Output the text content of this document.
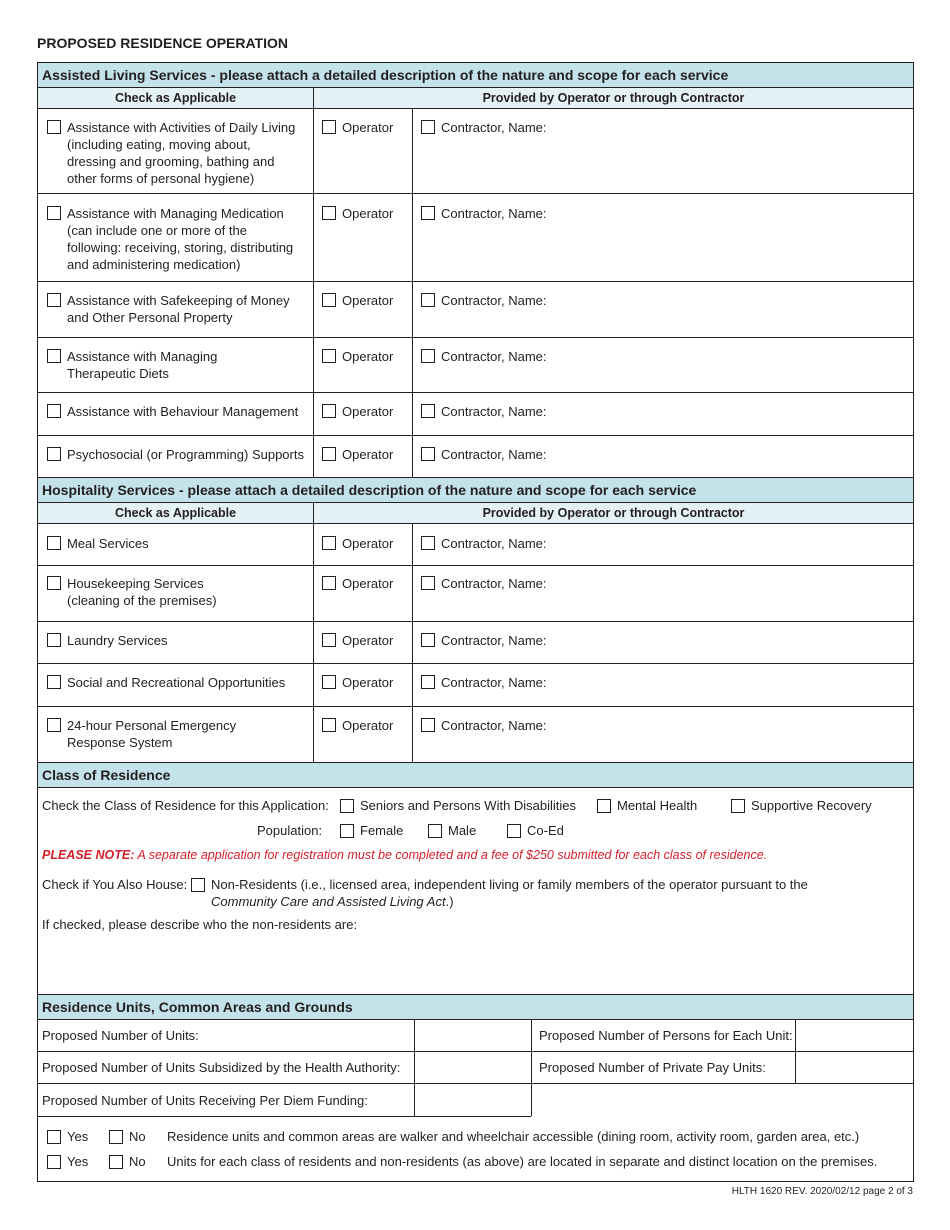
PROPOSED RESIDENCE OPERATION
Assisted Living Services - please attach a detailed description of the nature and scope for each service
Check as Applicable	Provided by Operator or through Contractor
Assistance with Activities of Daily Living
(including eating, moving about,
dressing and grooming, bathing and
other forms of personal hygiene)
Operator	Contractor, Name:
Assistance with Managing Medication
(can include one or more of the
following: receiving, storing, distributing
and administering medication)
Operator	Contractor, Name:
Assistance with Safekeeping of Money
and Other Personal Property
Operator	Contractor, Name:
Assistance with Managing
Therapeutic Diets
Operator	Contractor, Name:
Assistance with Behaviour Management	Operator	Contractor, Name:
Psychosocial (or Programming) Supports	Operator	Contractor, Name:
Hospitality Services - please attach a detailed description of the nature and scope for each service
Check as Applicable	Provided by Operator or through Contractor
Meal Services	Operator	Contractor, Name:
Housekeeping Services
(cleaning of the premises)
Operator	Contractor, Name:
Laundry Services	Operator	Contractor, Name:
Social and Recreational Opportunities	Operator	Contractor, Name:
24-hour Personal Emergency
Response System
Operator	Contractor, Name:
Class of Residence
Check the Class of Residence for this Application: Seniors and Persons With Disabilities	Mental Health	Supportive Recovery
Population:	Female	Male	Co-Ed
PLEASE NOTE: A separate application for registration must be completed and a fee of $250 submitted for each class of residence.
Check if You Also House: Non-Residents (i.e., licensed area, independent living or family members of the operator pursuant to the
Community Care and Assisted Living Act.)
If checked, please describe who the non-residents are:
Residence Units, Common Areas and Grounds
Proposed Number of Units:	Proposed Number of Persons for Each Unit:
Proposed Number of Units Subsidized by the Health Authority:	Proposed Number of Private Pay Units:
Proposed Number of Units Receiving Per Diem Funding:
Yes	No Residence units and common areas are walker and wheelchair accessible (dining room, activity room, garden area, etc.)
Yes	No Units for each class of residents and non-residents (as above) are located in separate and distinct location on the premises.
HLTH 1620 REV. 2020/02/12 page 2 of 3
